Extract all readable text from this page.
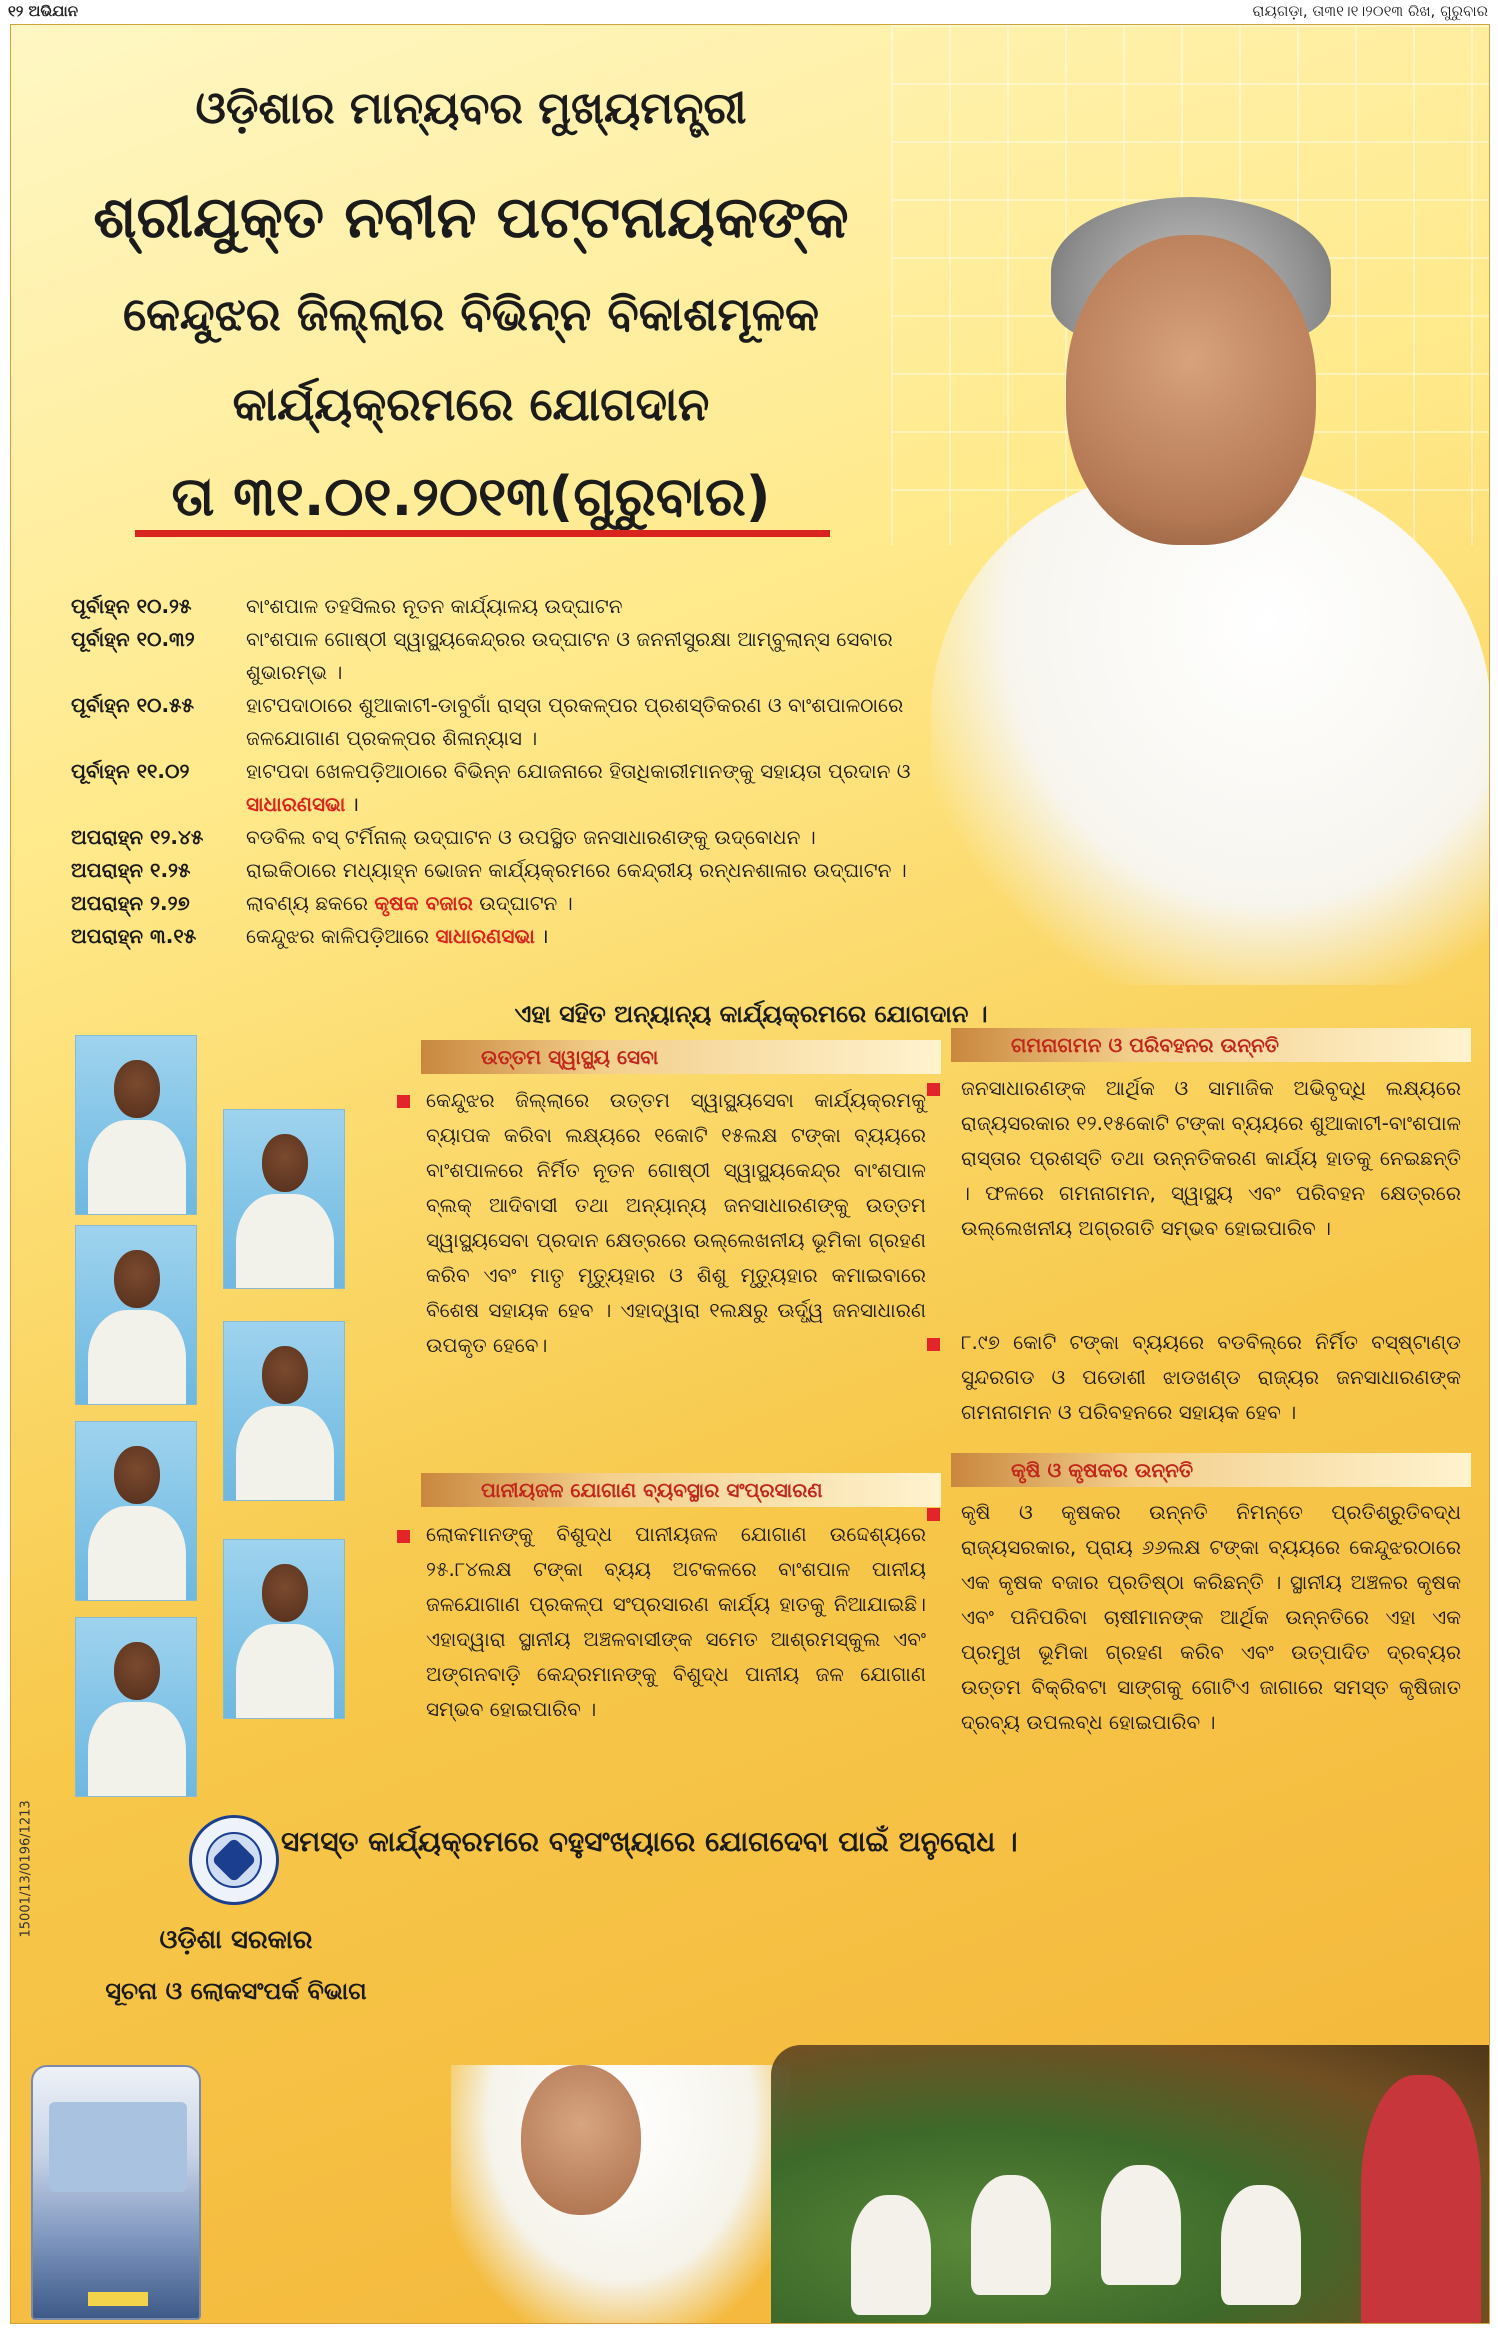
୧୨ ଅଭିଯାନ	ରାୟଗଡ଼ା, ତା୩୧।୧।୨୦୧୩ ରିଖ, ଗୁରୁବାର
ଓଡ଼ିଶାର ମାନ୍ୟବର ମୁଖ୍ୟମନ୍ତ୍ରୀ
ଶ୍ରୀଯୁକ୍ତ ନବୀନ ପଟ୍ଟନାୟକଙ୍କ
କେନ୍ଦୁଝର ଜିଲ୍ଲାର ବିଭିନ୍ନ ବିକାଶମୂଳକ
କାର୍ଯ୍ୟକ୍ରମରେ ଯୋଗଦାନ
ତା ୩୧.୦୧.୨୦୧୩(ଗୁରୁବାର)
ପୂର୍ବାହ୍ନ ୧୦.୨୫	ବାଂଶପାଳ ତହସିଲର ନୂତନ କାର୍ଯ୍ୟାଳୟ ଉଦ୍‌ଘାଟନ
ପୂର୍ବାହ୍ନ ୧୦.୩୨	ବାଂଶପାଳ ଗୋଷ୍ଠୀ ସ୍ୱାସ୍ଥ୍ୟକେନ୍ଦ୍ରର ଉଦ୍‌ଘାଟନ ଓ ଜନନୀସୁରକ୍ଷା ଆମ୍ବୁଲାନ୍ସ ସେବାର ଶୁଭାରମ୍ଭ ।
ପୂର୍ବାହ୍ନ ୧୦.୫୫	ହାଟପଦାଠାରେ ଶୁଆକାଟୀ-ଡାବୁଗାଁ ରାସ୍ତା ପ୍ରକଳ୍ପର ପ୍ରଶସ୍ତିକରଣ ଓ ବାଂଶପାଳଠାରେ ଜଳଯୋଗାଣ ପ୍ରକଳ୍ପର ଶିଳାନ୍ୟାସ ।
ପୂର୍ବାହ୍ନ ୧୧.୦୨	ହାଟପଦା ଖେଳପଡ଼ିଆଠାରେ ବିଭିନ୍ନ ଯୋଜନାରେ ହିତାଧିକାରୀମାନଙ୍କୁ ସହାୟତା ପ୍ରଦାନ ଓ ସାଧାରଣସଭା ।
ଅପରାହ୍ନ ୧୨.୪୫	ବଡବିଲ ବସ୍ ଟର୍ମିନାଲ୍ ଉଦ୍‌ଘାଟନ ଓ ଉପସ୍ଥିତ ଜନସାଧାରଣଙ୍କୁ ଉଦ୍‌ବୋଧନ ।
ଅପରାହ୍ନ ୧.୨୫	ରାଇକିଠାରେ ମଧ୍ୟାହ୍ନ ଭୋଜନ କାର୍ଯ୍ୟକ୍ରମରେ କେନ୍ଦ୍ରୀୟ ରନ୍ଧନଶାଳାର ଉଦ୍‌ଘାଟନ ।
ଅପରାହ୍ନ ୨.୨୭	ଲାବଣ୍ୟ ଛକରେ କୃଷକ ବଜାର ଉଦ୍‌ଘାଟନ ।
ଅପରାହ୍ନ ୩.୧୫	କେନ୍ଦୁଝର କାଳିପଡ଼ିଆରେ ସାଧାରଣସଭା ।
ଏହା ସହିତ ଅନ୍ୟାନ୍ୟ କାର୍ଯ୍ୟକ୍ରମରେ ଯୋଗଦାନ ।
ଉତ୍ତମ ସ୍ୱାସ୍ଥ୍ୟ ସେବା
କେନ୍ଦୁଝର ଜିଲ୍ଲାରେ ଉତ୍ତମ ସ୍ୱାସ୍ଥ୍ୟସେବା କାର୍ଯ୍ୟକ୍ରମକୁ ବ୍ୟାପକ କରିବା ଲକ୍ଷ୍ୟରେ ୧କୋଟି ୧୫ଲକ୍ଷ ଟଙ୍କା ବ୍ୟୟରେ ବାଂଶପାଳରେ ନିର୍ମିତ ନୂତନ ଗୋଷ୍ଠୀ ସ୍ୱାସ୍ଥ୍ୟକେନ୍ଦ୍ର ବାଂଶପାଳ ବ୍ଲକ୍ ଆଦିବାସୀ ତଥା ଅନ୍ୟାନ୍ୟ ଜନସାଧାରଣଙ୍କୁ ଉତ୍ତମ ସ୍ୱାସ୍ଥ୍ୟସେବା ପ୍ରଦାନ କ୍ଷେତ୍ରରେ ଉଲ୍ଲେଖନୀୟ ଭୂମିକା ଗ୍ରହଣ କରିବ ଏବଂ ମାତୃ ମୃତ୍ୟୁହାର ଓ ଶିଶୁ ମୃତ୍ୟୁହାର କମାଇବାରେ ବିଶେଷ ସହାୟକ ହେବ । ଏହାଦ୍ୱାରା ୧ଲକ୍ଷରୁ ଊର୍ଦ୍ଧ୍ୱ ଜନସାଧାରଣ ଉପକୃତ ହେବେ।
ପାନୀୟଜଳ ଯୋଗାଣ ବ୍ୟବସ୍ଥାର ସଂପ୍ରସାରଣ
ଲୋକମାନଙ୍କୁ ବିଶୁଦ୍ଧ ପାନୀୟଜଳ ଯୋଗାଣ ଉଦ୍ଦେଶ୍ୟରେ ୨୫.୮୪ଲକ୍ଷ ଟଙ୍କା ବ୍ୟୟ ଅଟକଳରେ ବାଂଶପାଳ ପାନୀୟ ଜଳଯୋଗାଣ ପ୍ରକଳ୍ପ ସଂପ୍ରସାରଣ କାର୍ଯ୍ୟ ହାତକୁ ନିଆଯାଇଛି। ଏହାଦ୍ୱାରା ସ୍ଥାନୀୟ ଅଞ୍ଚଳବାସୀଙ୍କ ସମେତ ଆଶ୍ରମସ୍କୁଲ ଏବଂ ଅଙ୍ଗନବାଡ଼ି କେନ୍ଦ୍ରମାନଙ୍କୁ ବିଶୁଦ୍ଧ ପାନୀୟ ଜଳ ଯୋଗାଣ ସମ୍ଭବ ହୋଇପାରିବ ।
ଗମନାଗମନ ଓ ପରିବହନର ଉନ୍ନତି
ଜନସାଧାରଣଙ୍କ ଆର୍ଥିକ ଓ ସାମାଜିକ ଅଭିବୃଦ୍ଧି ଲକ୍ଷ୍ୟରେ ରାଜ୍ୟସରକାର ୧୨.୧୫କୋଟି ଟଙ୍କା ବ୍ୟୟରେ ଶୁଆକାଟୀ-ବାଂଶପାଳ ରାସ୍ତାର ପ୍ରଶସ୍ତି ତଥା ଉନ୍ନତିକରଣ କାର୍ଯ୍ୟ ହାତକୁ ନେଇଛନ୍ତି । ଫଳରେ ଗମନାଗମନ, ସ୍ୱାସ୍ଥ୍ୟ ଏବଂ ପରିବହନ କ୍ଷେତ୍ରରେ ଉଲ୍ଲେଖନୀୟ ଅଗ୍ରଗତି ସମ୍ଭବ ହୋଇପାରିବ ।
୮.୯୭ କୋଟି ଟଙ୍କା ବ୍ୟୟରେ ବଡବିଲ୍‌ରେ ନିର୍ମିତ ବସ୍‌ଷ୍ଟାଣ୍ଡ ସୁନ୍ଦରଗଡ ଓ ପଡୋଶୀ ଝାଡଖଣ୍ଡ ରାଜ୍ୟର ଜନସାଧାରଣଙ୍କ ଗମନାଗମନ ଓ ପରିବହନରେ ସହାୟକ ହେବ ।
କୃଷି ଓ କୃଷକର ଉନ୍ନତି
କୃଷି ଓ କୃଷକର ଉନ୍ନତି ନିମନ୍ତେ ପ୍ରତିଶ୍ରୁତିବଦ୍ଧ ରାଜ୍ୟସରକାର, ପ୍ରାୟ ୬୬ଲକ୍ଷ ଟଙ୍କା ବ୍ୟୟରେ କେନ୍ଦୁଝରଠାରେ ଏକ କୃଷକ ବଜାର ପ୍ରତିଷ୍ଠା କରିଛନ୍ତି । ସ୍ଥାନୀୟ ଅଞ୍ଚଳର କୃଷକ ଏବଂ ପନିପରିବା ଚାଷୀମାନଙ୍କ ଆର୍ଥିକ ଉନ୍ନତିରେ ଏହା ଏକ ପ୍ରମୁଖ ଭୂମିକା ଗ୍ରହଣ କରିବ ଏବଂ ଉତ୍ପାଦିତ ଦ୍ରବ୍ୟର ଉତ୍ତମ ବିକ୍ରିବଟା ସାଙ୍ଗକୁ ଗୋଟିଏ ଜାଗାରେ ସମସ୍ତ କୃଷିଜାତ ଦ୍ରବ୍ୟ ଉପଲବ୍ଧ ହୋଇପାରିବ ।
ସମସ୍ତ କାର୍ଯ୍ୟକ୍ରମରେ ବହୁସଂଖ୍ୟାରେ ଯୋଗଦେବା ପାଇଁ ଅନୁରୋଧ ।
ଓଡ଼ିଶା ସରକାର
ସୂଚନା ଓ ଲୋକସଂପର୍କ ବିଭାଗ
15001/13/0196/1213
